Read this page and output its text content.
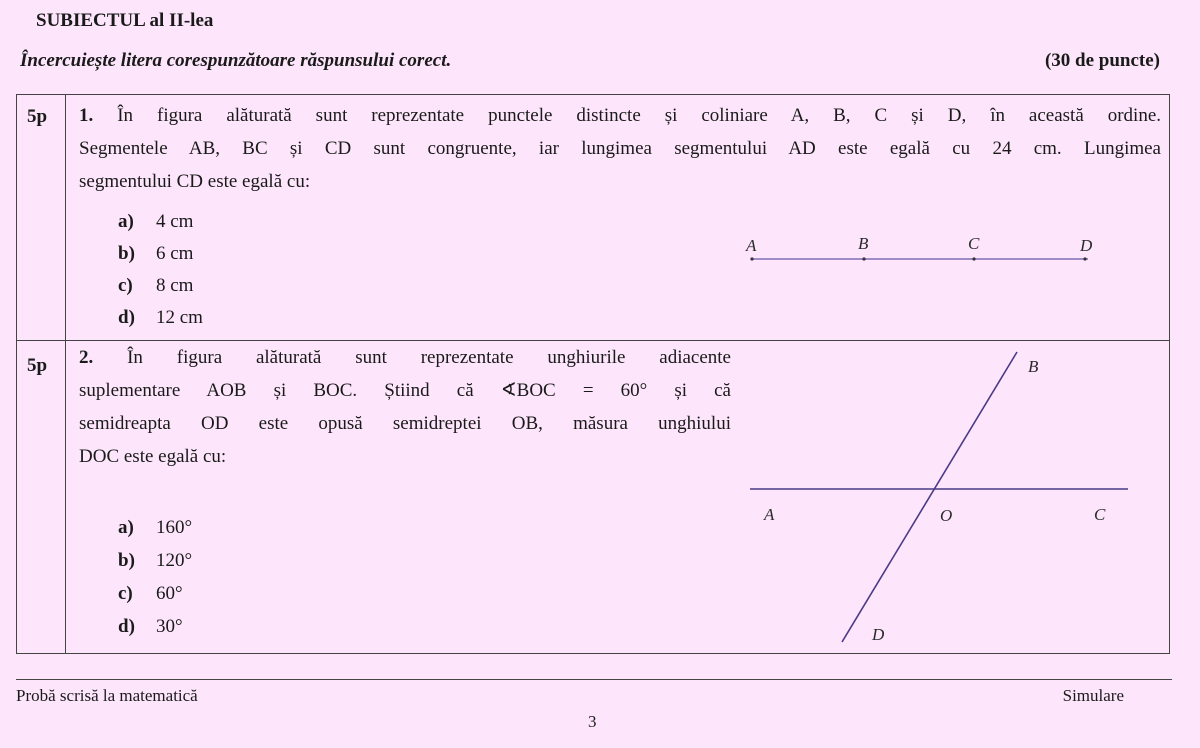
SUBIECTUL al II-lea
Încercuiește litera corespunzătoare răspunsului corect.	(30 de puncte)
5p 1. În figura alăturată sunt reprezentate punctele distincte și coliniare A, B, C și D, în această ordine.
Segmentele AB, BC și CD sunt congruente, iar lungimea segmentului AD este egală cu 24 cm. Lungimea
segmentului CD este egală cu:
a) 4 cm
b) 6 cm
c) 8 cm
d) 12 cm
A	B	C	D
5p 2. În figura alăturată sunt reprezentate unghiurile adiacente
suplementare AOB și BOC. Știind că ∢BOC = 60° și că
semidreapta OD este opusă semidreptei OB, măsura unghiului
DOC este egală cu:
a) 160°
b) 120°
c) 60°
d) 30°
B
A	O	C
D
Probă scrisă la matematică	Simulare
3
